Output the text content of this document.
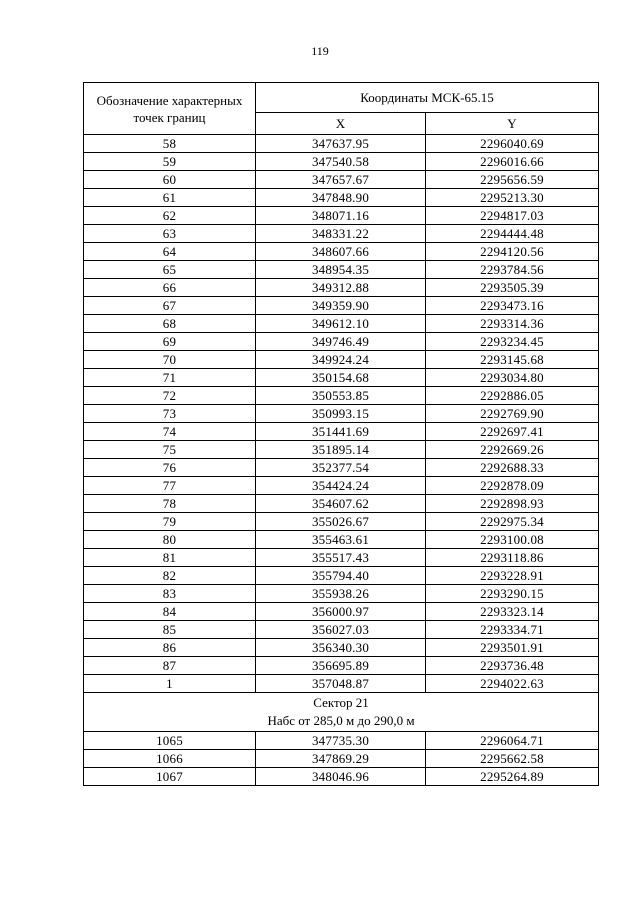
119
Обозначение характерных точек границ	Координаты МСК-65.15	
	X	Y
58	347637.95	2296040.69
59	347540.58	2296016.66
60	347657.67	2295656.59
61	347848.90	2295213.30
62	348071.16	2294817.03
63	348331.22	2294444.48
64	348607.66	2294120.56
65	348954.35	2293784.56
66	349312.88	2293505.39
67	349359.90	2293473.16
68	349612.10	2293314.36
69	349746.49	2293234.45
70	349924.24	2293145.68
71	350154.68	2293034.80
72	350553.85	2292886.05
73	350993.15	2292769.90
74	351441.69	2292697.41
75	351895.14	2292669.26
76	352377.54	2292688.33
77	354424.24	2292878.09
78	354607.62	2292898.93
79	355026.67	2292975.34
80	355463.61	2293100.08
81	355517.43	2293118.86
82	355794.40	2293228.91
83	355938.26	2293290.15
84	356000.97	2293323.14
85	356027.03	2293334.71
86	356340.30	2293501.91
87	356695.89	2293736.48
1	357048.87	2294022.63
Сектор 21
Набс от 285,0 м до 290,0 м		
1065	347735.30	2296064.71
1066	347869.29	2295662.58
1067	348046.96	2295264.89
